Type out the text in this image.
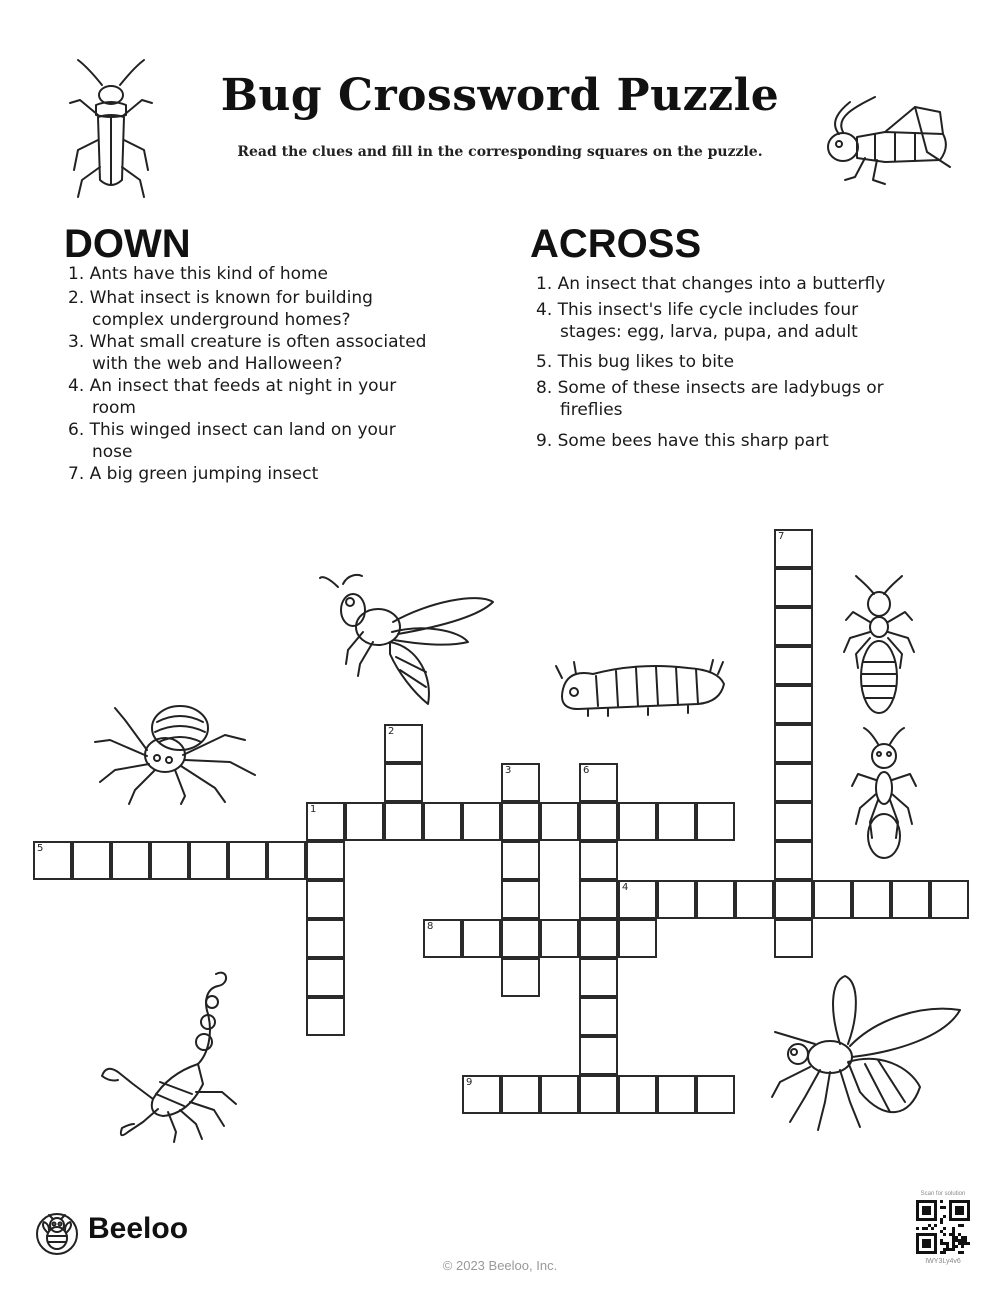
Bug Crossword Puzzle
Read the clues and fill in the corresponding squares on the puzzle.
DOWN
1. Ants have this kind of home
2. What insect is known for building
complex underground homes?
3. What small creature is often associated
with the web and Halloween?
4. An insect that feeds at night in your
room
6. This winged insect can land on your
nose
7. A big green jumping insect
ACROSS
1. An insect that changes into a butterfly
4. This insect's life cycle includes four
stages: egg, larva, pupa, and adult
5. This bug likes to bite
8. Some of these insects are ladybugs or
fireflies
9. Some bees have this sharp part
7
2
3	6
1
5
4
8
9
Beeloo
© 2023 Beeloo, Inc.
Scan for solution
IWY3Ly4v6
